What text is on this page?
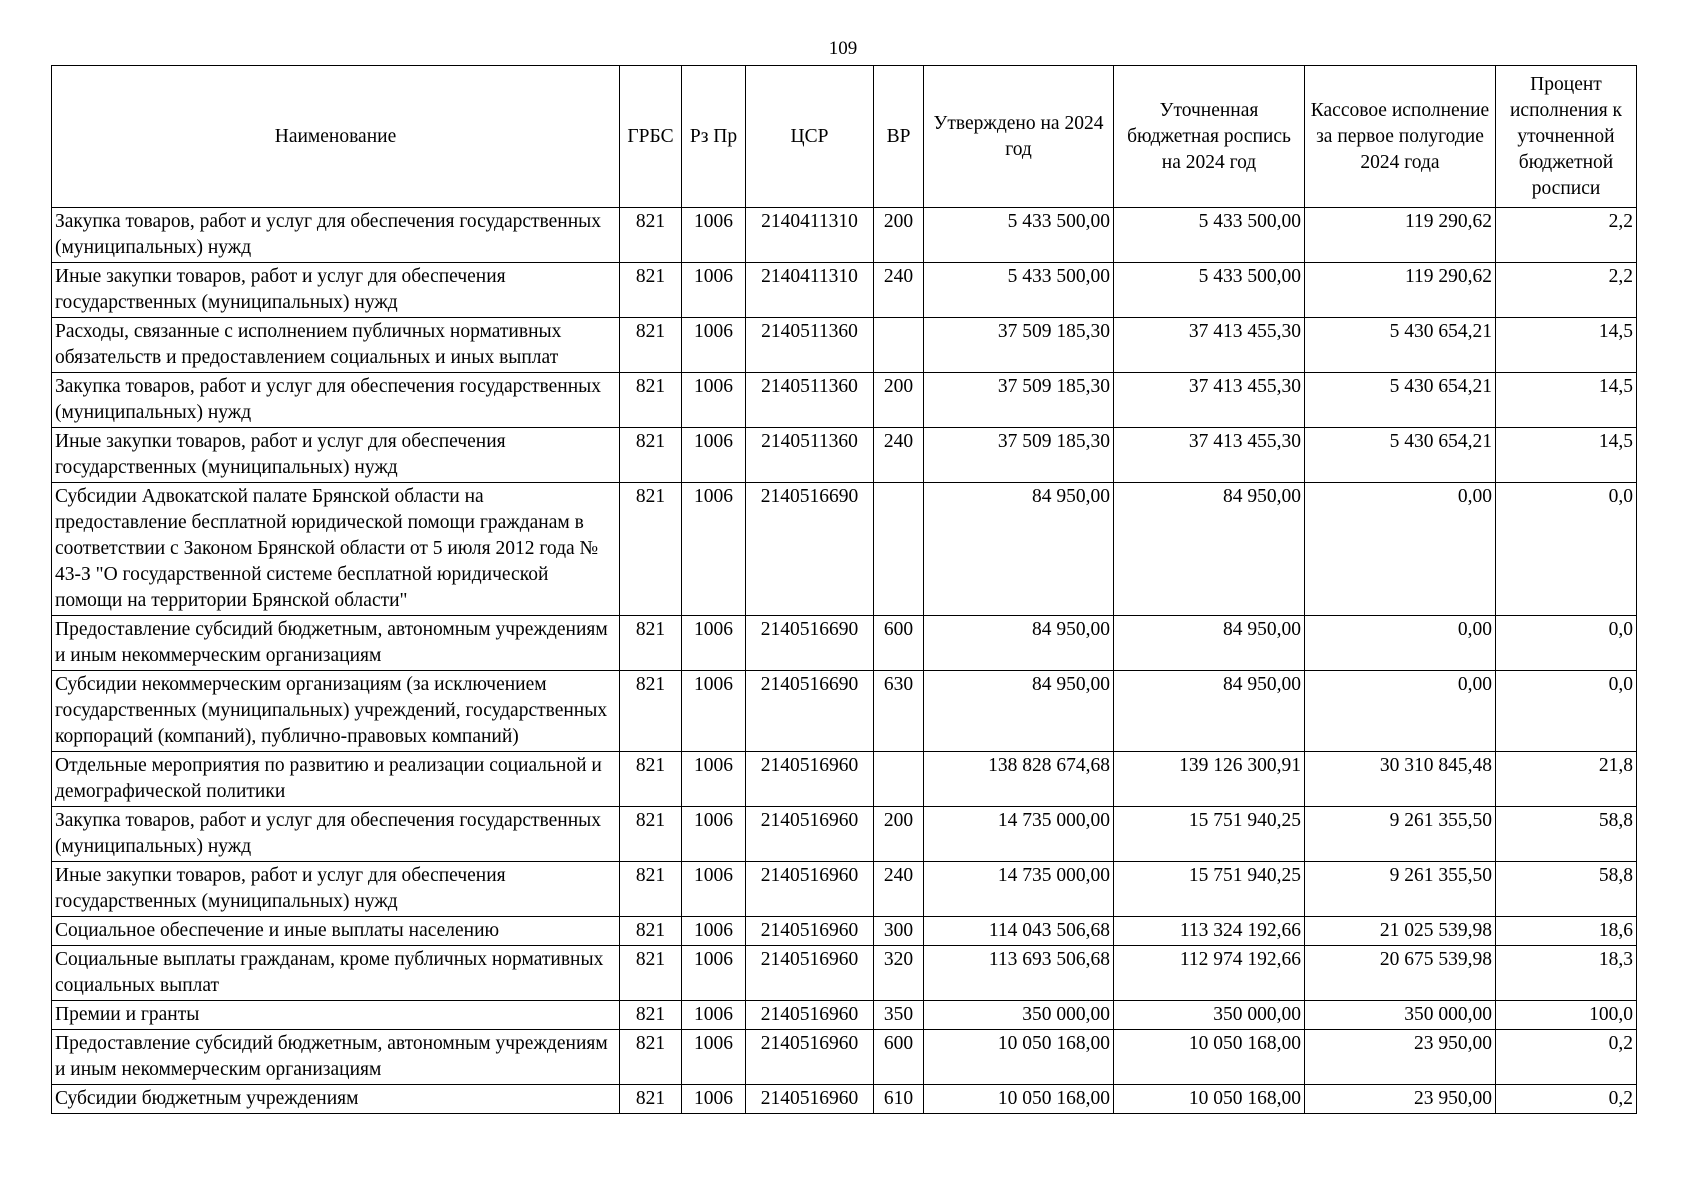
109
Наименование	ГРБС	Рз Пр	ЦСР	ВР	Утверждено на 2024 год	Уточненная бюджетная роспись на 2024 год	Кассовое исполнение за первое полугодие 2024 года	Процент исполнения к уточненной бюджетной росписи
Закупка товаров, работ и услуг для обеспечения государственных (муниципальных) нужд	821	1006	2140411310	200	5 433 500,00	5 433 500,00	119 290,62	2,2
Иные закупки товаров, работ и услуг для обеспечения государственных (муниципальных) нужд	821	1006	2140411310	240	5 433 500,00	5 433 500,00	119 290,62	2,2
Расходы, связанные с исполнением публичных нормативных обязательств и предоставлением социальных и иных выплат	821	1006	2140511360		37 509 185,30	37 413 455,30	5 430 654,21	14,5
Закупка товаров, работ и услуг для обеспечения государственных (муниципальных) нужд	821	1006	2140511360	200	37 509 185,30	37 413 455,30	5 430 654,21	14,5
Иные закупки товаров, работ и услуг для обеспечения государственных (муниципальных) нужд	821	1006	2140511360	240	37 509 185,30	37 413 455,30	5 430 654,21	14,5
Субсидии Адвокатской палате Брянской области на предоставление бесплатной юридической помощи гражданам в соответствии с Законом Брянской области от 5 июля 2012 года № 43-З "О государственной системе бесплатной юридической помощи на территории Брянской области"	821	1006	2140516690		84 950,00	84 950,00	0,00	0,0
Предоставление субсидий бюджетным, автономным учреждениям и иным некоммерческим организациям	821	1006	2140516690	600	84 950,00	84 950,00	0,00	0,0
Субсидии некоммерческим организациям (за исключением государственных (муниципальных) учреждений, государственных корпораций (компаний), публично-правовых компаний)	821	1006	2140516690	630	84 950,00	84 950,00	0,00	0,0
Отдельные мероприятия по развитию и реализации социальной и демографической политики	821	1006	2140516960		138 828 674,68	139 126 300,91	30 310 845,48	21,8
Закупка товаров, работ и услуг для обеспечения государственных (муниципальных) нужд	821	1006	2140516960	200	14 735 000,00	15 751 940,25	9 261 355,50	58,8
Иные закупки товаров, работ и услуг для обеспечения государственных (муниципальных) нужд	821	1006	2140516960	240	14 735 000,00	15 751 940,25	9 261 355,50	58,8
Социальное обеспечение и иные выплаты населению	821	1006	2140516960	300	114 043 506,68	113 324 192,66	21 025 539,98	18,6
Социальные выплаты гражданам, кроме публичных нормативных социальных выплат	821	1006	2140516960	320	113 693 506,68	112 974 192,66	20 675 539,98	18,3
Премии и гранты	821	1006	2140516960	350	350 000,00	350 000,00	350 000,00	100,0
Предоставление субсидий бюджетным, автономным учреждениям и иным некоммерческим организациям	821	1006	2140516960	600	10 050 168,00	10 050 168,00	23 950,00	0,2
Субсидии бюджетным учреждениям	821	1006	2140516960	610	10 050 168,00	10 050 168,00	23 950,00	0,2
